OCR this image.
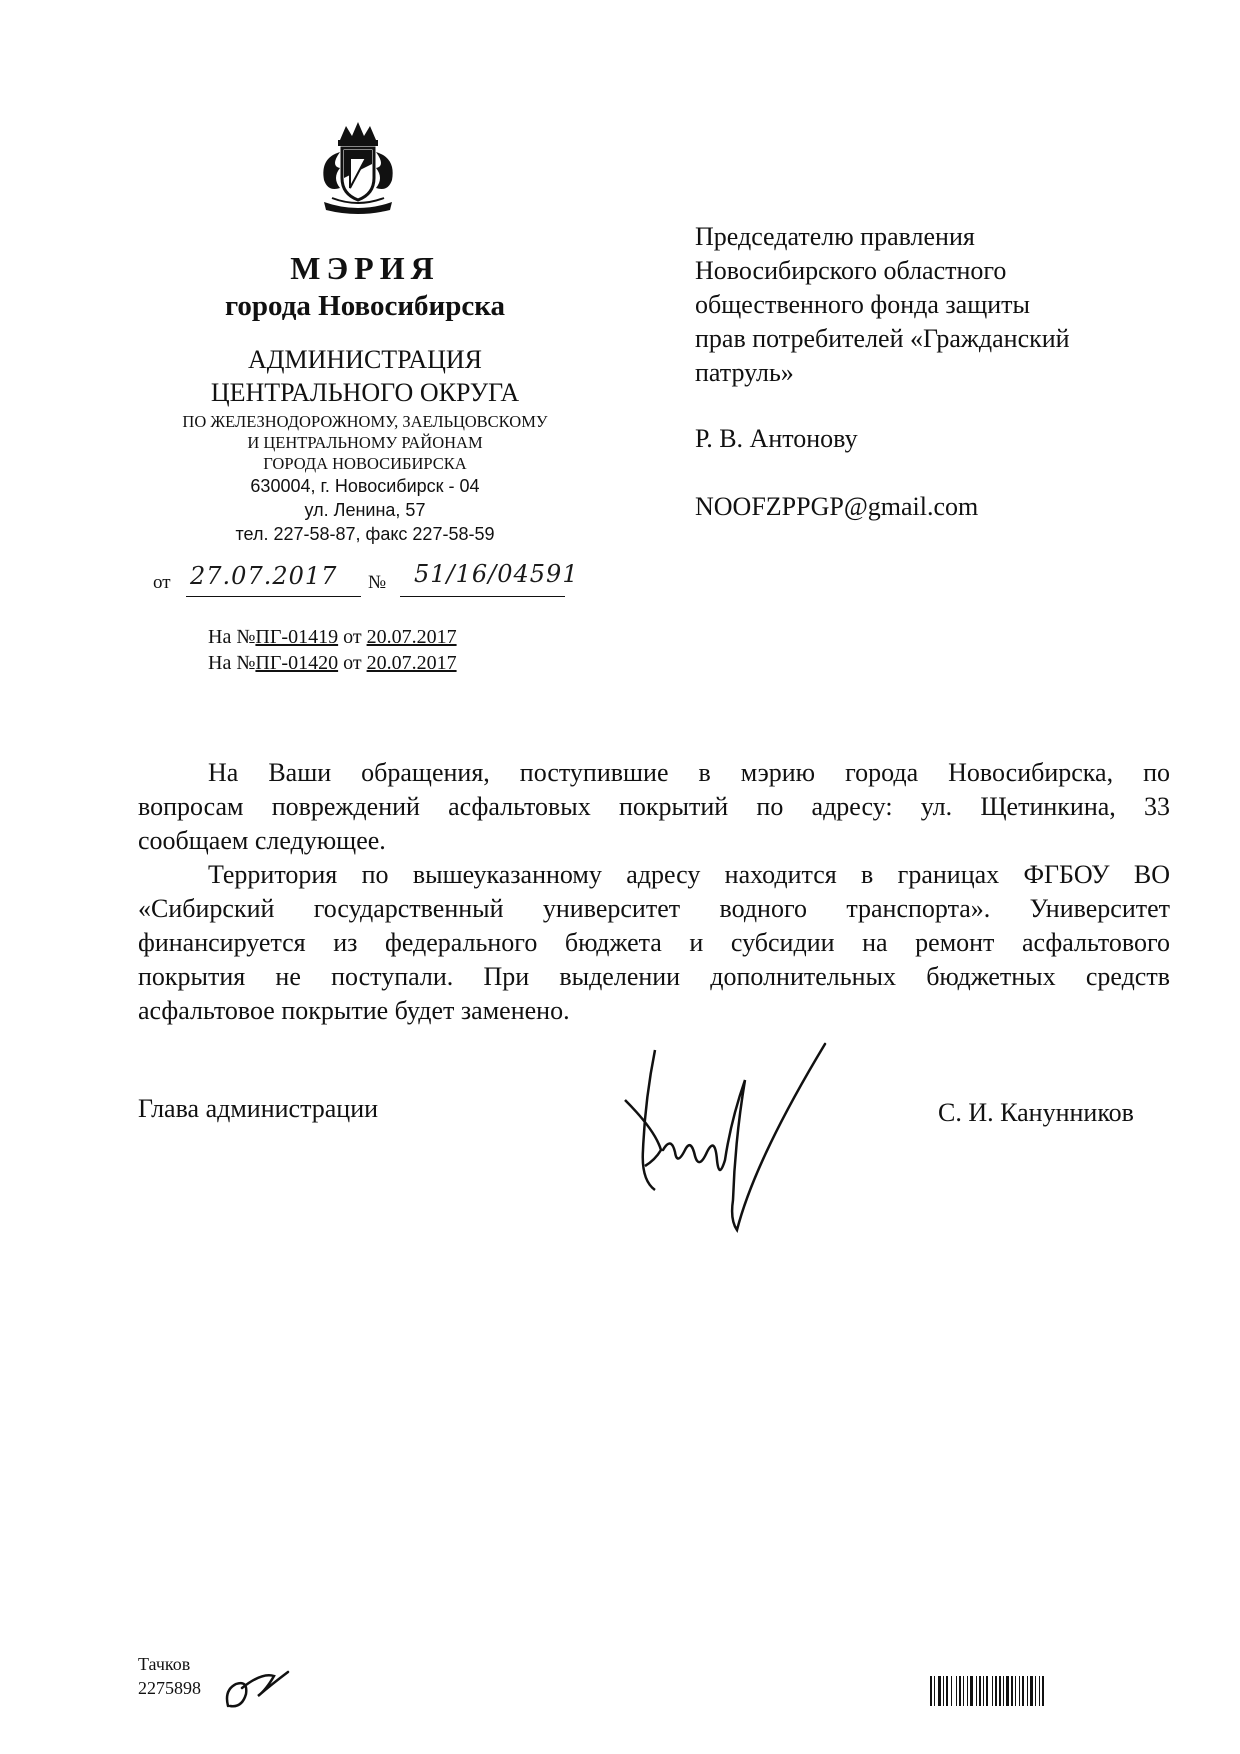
МЭРИЯ
города Новосибирска
АДМИНИСТРАЦИЯ
ЦЕНТРАЛЬНОГО ОКРУГА
ПО ЖЕЛЕЗНОДОРОЖНОМУ, ЗАЕЛЬЦОВСКОМУ
И ЦЕНТРАЛЬНОМУ РАЙОНАМ
ГОРОДА НОВОСИБИРСКА
630004, г. Новосибирск - 04
ул. Ленина, 57
тел. 227-58-87, факс 227-58-59
от 27.07.2017 № 51/16/04591
На №ПГ-01419 от 20.07.2017
На №ПГ-01420 от 20.07.2017
Председателю правления
Новосибирского областного
общественного фонда защиты
прав потребителей «Гражданский
патруль»
Р. В. Антонову
NOOFZPPGP@gmail.com
На Ваши обращения, поступившие в мэрию города Новосибирска, по
вопросам повреждений асфальтовых покрытий по адресу: ул. Щетинкина, 33
сообщаем следующее.
Территория по вышеуказанному адресу находится в границах ФГБОУ ВО
«Сибирский государственный университет водного транспорта». Университет
финансируется из федерального бюджета и субсидии на ремонт асфальтового
покрытия не поступали. При выделении дополнительных бюджетных средств
асфальтовое покрытие будет заменено.
Глава администрации	С. И. Канунников
Тачков
2275898
